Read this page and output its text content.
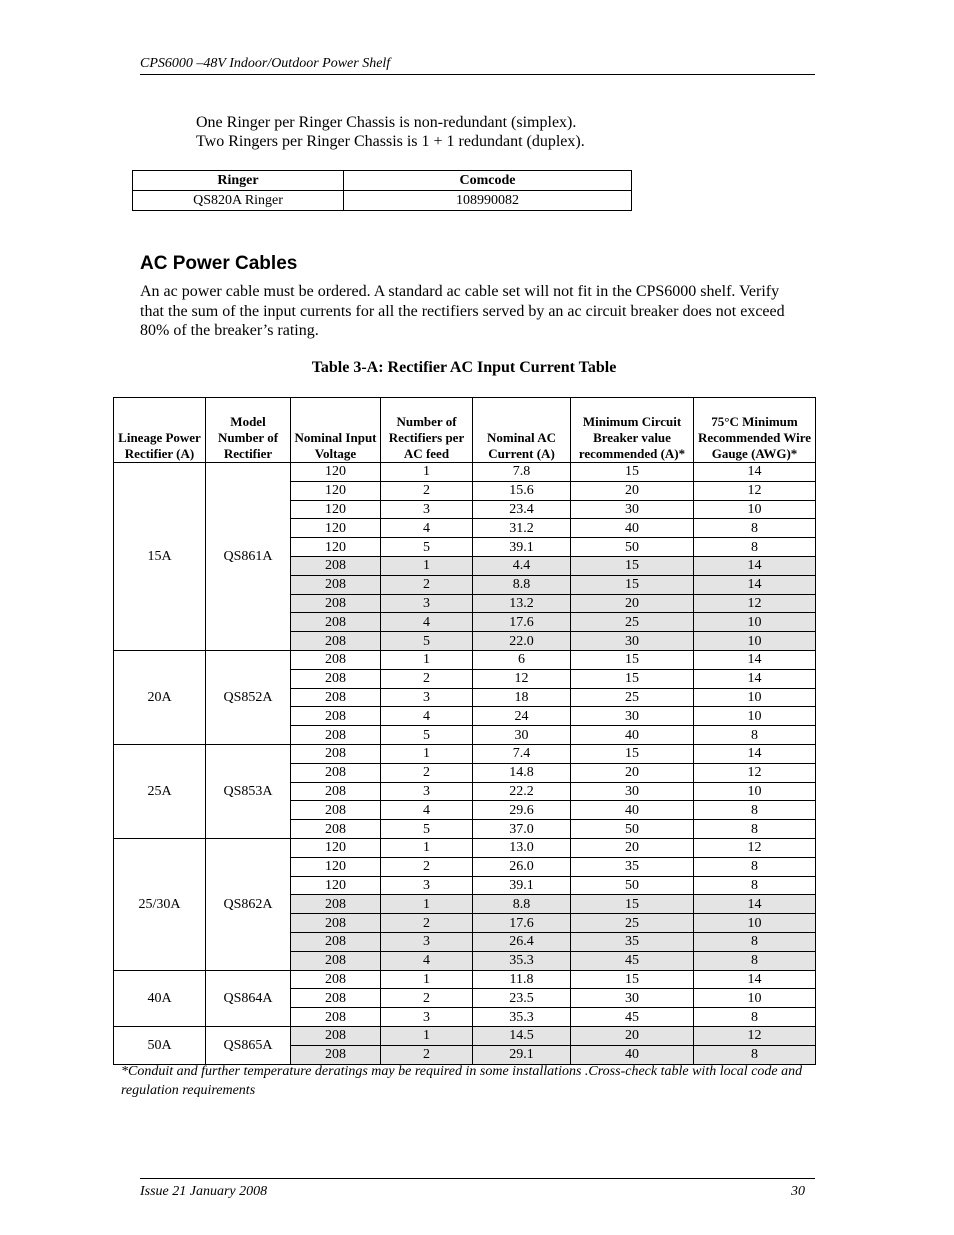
CPS6000 –48V Indoor/Outdoor Power Shelf
One Ringer per Ringer Chassis is non-redundant (simplex).
Two Ringers per Ringer Chassis is 1 + 1 redundant (duplex).
Ringer	Comcode
QS820A Ringer	108990082
AC Power Cables
An ac power cable must be ordered. A standard ac cable set will not fit in the CPS6000 shelf. Verify that the sum of the input currents for all the rectifiers served by an ac circuit breaker does not exceed 80% of the breaker’s rating.
Table 3-A: Rectifier AC Input Current Table
Lineage Power Rectifier (A)	Model Number of Rectifier	Nominal Input Voltage	Number of Rectifiers per AC feed	Nominal AC Current (A)	Minimum Circuit Breaker value recommended (A)*	75°C Minimum Recommended Wire Gauge (AWG)*
15A	QS861A	120	1	7.8	15	14
		120	2	15.6	20	12
		120	3	23.4	30	10
		120	4	31.2	40	8
		120	5	39.1	50	8
		208	1	4.4	15	14
		208	2	8.8	15	14
		208	3	13.2	20	12
		208	4	17.6	25	10
		208	5	22.0	30	10
20A	QS852A	208	1	6	15	14
		208	2	12	15	14
		208	3	18	25	10
		208	4	24	30	10
		208	5	30	40	8
25A	QS853A	208	1	7.4	15	14
		208	2	14.8	20	12
		208	3	22.2	30	10
		208	4	29.6	40	8
		208	5	37.0	50	8
25/30A	QS862A	120	1	13.0	20	12
		120	2	26.0	35	8
		120	3	39.1	50	8
		208	1	8.8	15	14
		208	2	17.6	25	10
		208	3	26.4	35	8
		208	4	35.3	45	8
40A	QS864A	208	1	11.8	15	14
		208	2	23.5	30	10
		208	3	35.3	45	8
50A	QS865A	208	1	14.5	20	12
		208	2	29.1	40	8
*Conduit and further temperature deratings may be required in some installations .Cross-check table with local code and regulation requirements
Issue 21 January 2008	30
